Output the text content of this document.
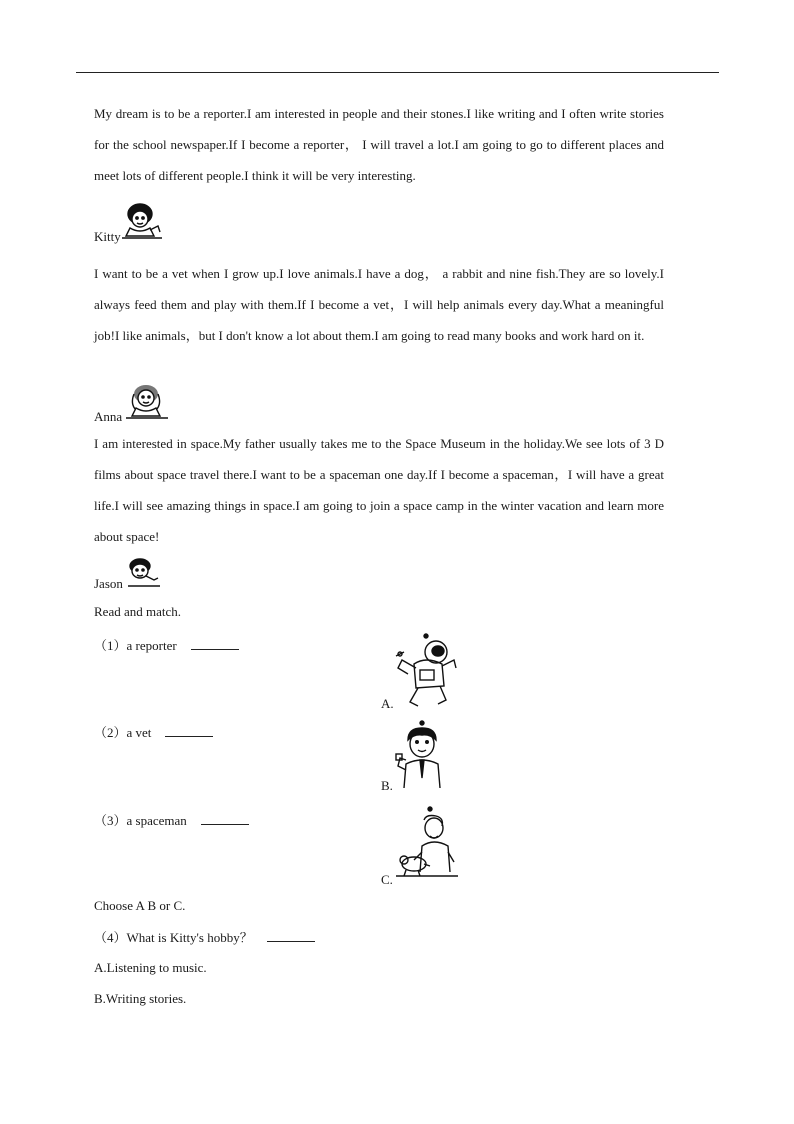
My dream is to be a reporter.I am interested in people and their stones.I like writing and I often write stories for the school newspaper.If I become a reporter， I will travel a lot.I am going to go to different places and meet lots of different people.I think it will be very interesting.

Kitty

I want to be a vet when I grow up.I love animals.I have a dog， a rabbit and nine fish.They are so lovely.I always feed them and play with them.If I become a vet，I will help animals every day.What a meaningful job!I like animals，but I don't know a lot about them.I am going to read many books and work hard on it.

Anna

I am interested in space.My father usually takes me to the Space Museum in the holiday.We see lots of 3 D films about space travel there.I want to be a spaceman one day.If I become a spaceman，I will have a great life.I will see amazing things in space.I am going to join a space camp in the winter vacation and learn more about space!

Jason
Read and match.
（1）a reporter
（2）a vet
（3）a spaceman
A.
B.
C.
Choose A B or C.
（4）What is Kitty's hobby？
A.Listening to music.
B.Writing stories.
